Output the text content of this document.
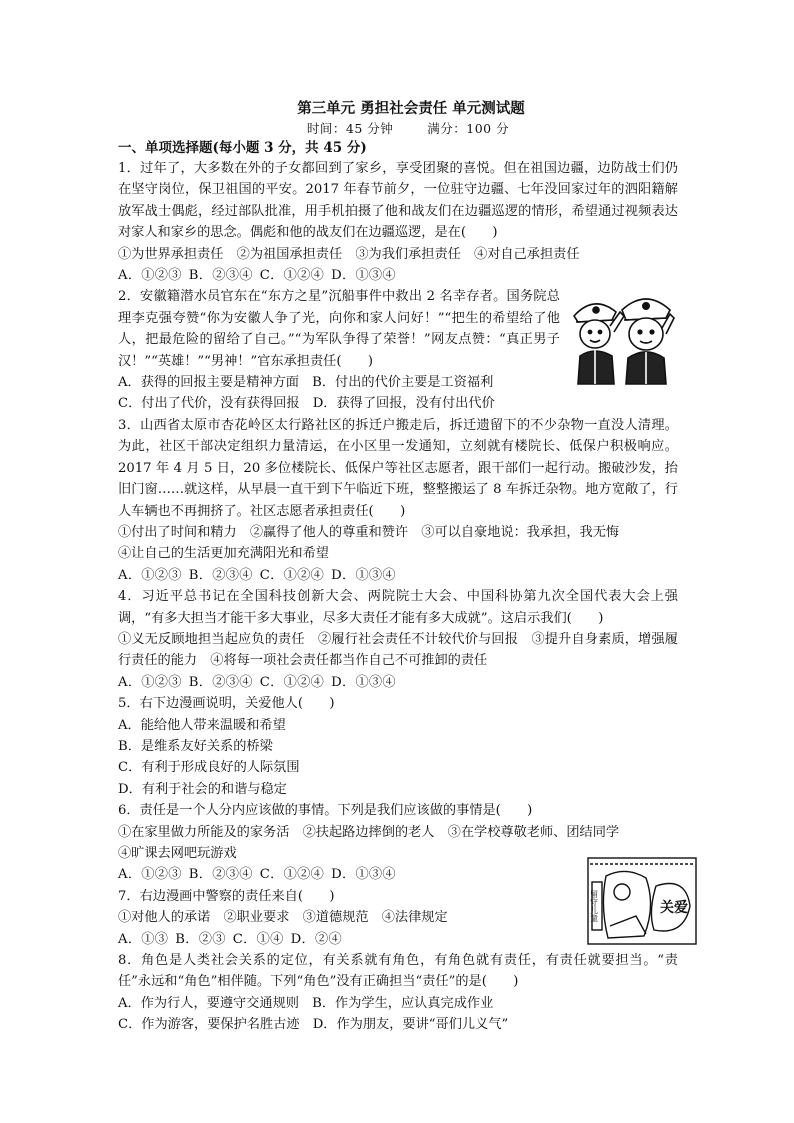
第三单元 勇担社会责任 单元测试题
时间：45 分钟	满分：100 分
一、单项选择题(每小题 3 分，共 45 分)

1．过年了，大多数在外的子女都回到了家乡，享受团聚的喜悦。但在祖国边疆，边防战士们仍在坚守岗位，保卫祖国的平安。2017 年春节前夕，一位驻守边疆、七年没回家过年的泗阳籍解放军战士偶彪，经过部队批准，用手机拍摄了他和战友们在边疆巡逻的情形，希望通过视频表达对家人和家乡的思念。偶彪和他的战友们在边疆巡逻，是在(　　)

①为世界承担责任　②为祖国承担责任　③为我们承担责任　④对自己承担责任
A．①②③ B．②③④ C．①②④ D．①③④

2．安徽籍潜水员官东在“东方之星”沉船事件中救出 2 名幸存者。国务院总理李克强夸赞“你为安徽人争了光，向你和家人问好！”“把生的希望给了他人，把最危险的留给了自己。”“为军队争得了荣誉！”网友点赞：“真正男子汉！”“英雄！”“男神！”官东承担责任(　　)

A．获得的回报主要是精神方面　 B．付出的代价主要是工资福利
C．付出了代价，没有获得回报　 D．获得了回报，没有付出代价

3．山西省太原市杏花岭区太行路社区的拆迁户搬走后，拆迁遗留下的不少杂物一直没人清理。为此，社区干部决定组织力量清运，在小区里一发通知，立刻就有楼院长、低保户积极响应。2017 年 4 月 5 日，20 多位楼院长、低保户等社区志愿者，跟干部们一起行动。搬破沙发，抬旧门窗……就这样，从早晨一直干到下午临近下班，整整搬运了 8 车拆迁杂物。地方宽敞了，行人车辆也不再拥挤了。社区志愿者承担责任(　　)

①付出了时间和精力　②赢得了他人的尊重和赞许　③可以自豪地说：我承担，我无悔
④让自己的生活更加充满阳光和希望
A．①②③ B．②③④ C．①②④ D．①③④

4．习近平总书记在全国科技创新大会、两院院士大会、中国科协第九次全国代表大会上强调，“有多大担当才能干多大事业，尽多大责任才能有多大成就”。这启示我们(　　)

①义无反顾地担当起应负的责任　②履行社会责任不计较代价与回报　③提升自身素质，增强履行责任的能力　④将每一项社会责任都当作自己不可推卸的责任

A．①②③ B．②③④ C．①②④ D．①③④
5．右下边漫画说明，关爱他人(　　)
A．能给他人带来温暖和希望
B．是维系友好关系的桥梁
C．有利于形成良好的人际氛围
D．有利于社会的和谐与稳定
6．责任是一个人分内应该做的事情。下列是我们应该做的事情是(　　)
①在家里做力所能及的家务活　②扶起路边摔倒的老人　③在学校尊敬老师、团结同学
④旷课去网吧玩游戏
A．①②③ B．②③④ C．①②④ D．①③④
7．右边漫画中警察的责任来自(　　)
①对他人的承诺　②职业要求　③道德规范　④法律规定
A．①③ B．②③ C．①④ D．②④

8．角色是人类社会关系的定位，有关系就有角色，有角色就有责任，有责任就要担当。“责任”永远和“角色”相伴随。下列“角色”没有正确担当“责任”的是(　　)

A．作为行人，要遵守交通规则　 B．作为学生，应认真完成作业
C．作为游客，要保护名胜古迹　 D．作为朋友，要讲“哥们儿义气”
留守儿童	关爱
